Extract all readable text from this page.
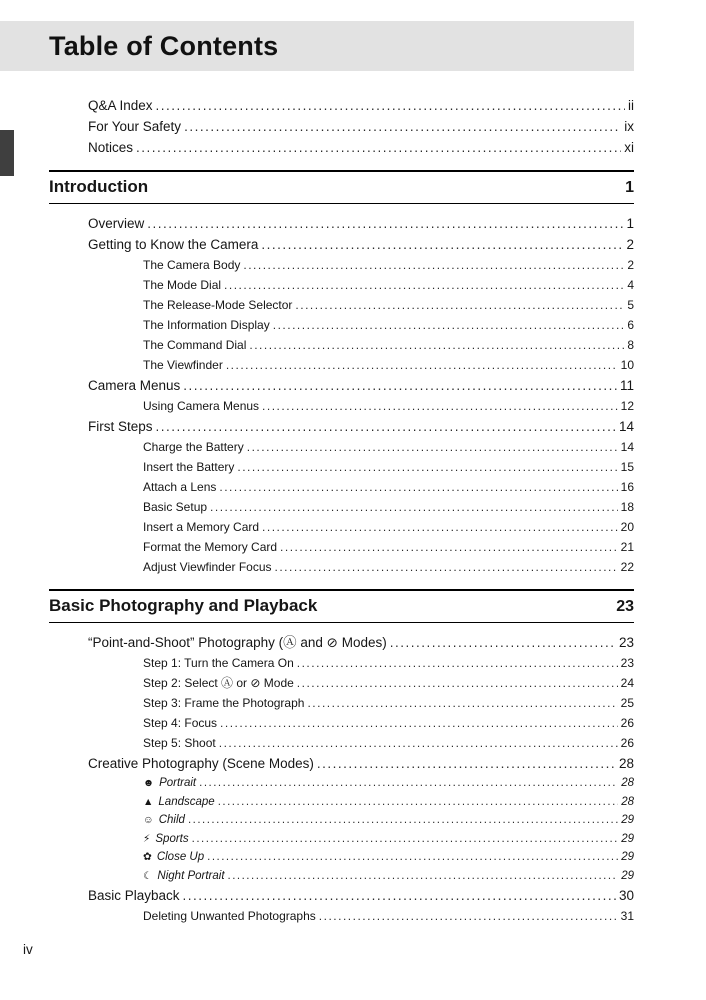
Table of Contents
Q&A Index .....	ii
For Your Safety .....	ix
Notices .....	xi
Introduction	1
Overview .....	1
Getting to Know the Camera .....	2
The Camera Body .....	2
The Mode Dial .....	4
The Release-Mode Selector .....	5
The Information Display .....	6
The Command Dial .....	8
The Viewfinder .....	10
Camera Menus .....	11
Using Camera Menus .....	12
First Steps .....	14
Charge the Battery .....	14
Insert the Battery .....	15
Attach a Lens .....	16
Basic Setup .....	18
Insert a Memory Card .....	20
Format the Memory Card .....	21
Adjust Viewfinder Focus .....	22
Basic Photography and Playback	23
“Point-and-Shoot” Photography (Ⓐ and ⊘ Modes) .....	23
Step 1: Turn the Camera On .....	23
Step 2: Select Ⓐ or ⊘ Mode .....	24
Step 3: Frame the Photograph .....	25
Step 4: Focus .....	26
Step 5: Shoot .....	26
Creative Photography (Scene Modes) .....	28
☻ Portrait .....	28
▲ Landscape .....	28
☺ Child .....	29
⚡ Sports .....	29
✿ Close Up .....	29
☾ Night Portrait .....	29
Basic Playback .....	30
Deleting Unwanted Photographs .....	31
iv
